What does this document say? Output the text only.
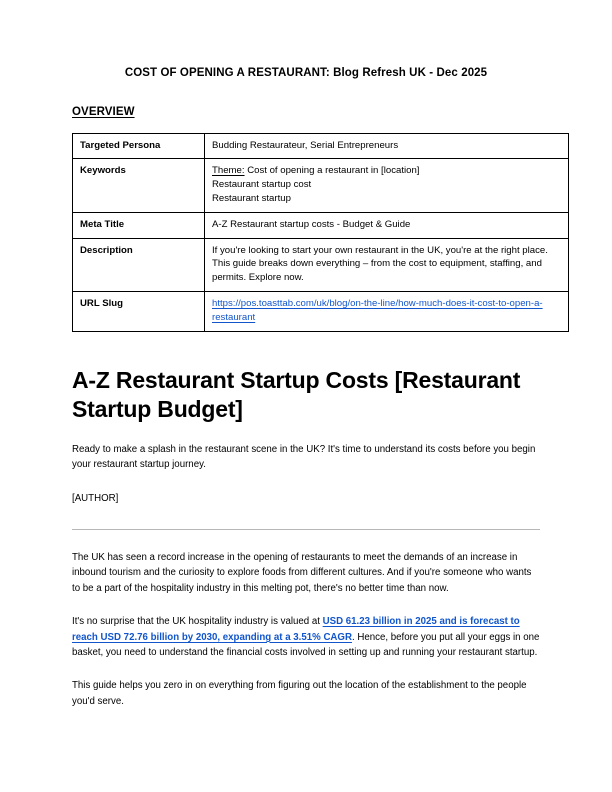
COST OF OPENING A RESTAURANT: Blog Refresh UK - Dec 2025
OVERVIEW
Targeted Persona	Budding Restaurateur, Serial Entrepreneurs
Keywords	Theme: Cost of opening a restaurant in [location]
Restaurant startup cost
Restaurant startup

Meta Title	A-Z Restaurant startup costs - Budget & Guide
Description	If you're looking to start your own restaurant in the UK, you're at the right place. This guide breaks down everything – from the cost to equipment, staffing, and permits. Explore now.
URL Slug	https://pos.toasttab.com/uk/blog/on-the-line/how-much-does-it-cost-to-open-a-restaurant
A-Z Restaurant Startup Costs [Restaurant Startup Budget]

Ready to make a splash in the restaurant scene in the UK? It's time to understand its costs before you begin your restaurant startup journey.

[AUTHOR]

The UK has seen a record increase in the opening of restaurants to meet the demands of an increase in inbound tourism and the curiosity to explore foods from different cultures. And if you're someone who wants to be a part of the hospitality industry in this melting pot, there's no better time than now.

It's no surprise that the UK hospitality industry is valued at USD 61.23 billion in 2025 and is forecast to reach USD 72.76 billion by 2030, expanding at a 3.51% CAGR. Hence, before you put all your eggs in one basket, you need to understand the financial costs involved in setting up and running your restaurant startup.

This guide helps you zero in on everything from figuring out the location of the establishment to the people you'd serve.
